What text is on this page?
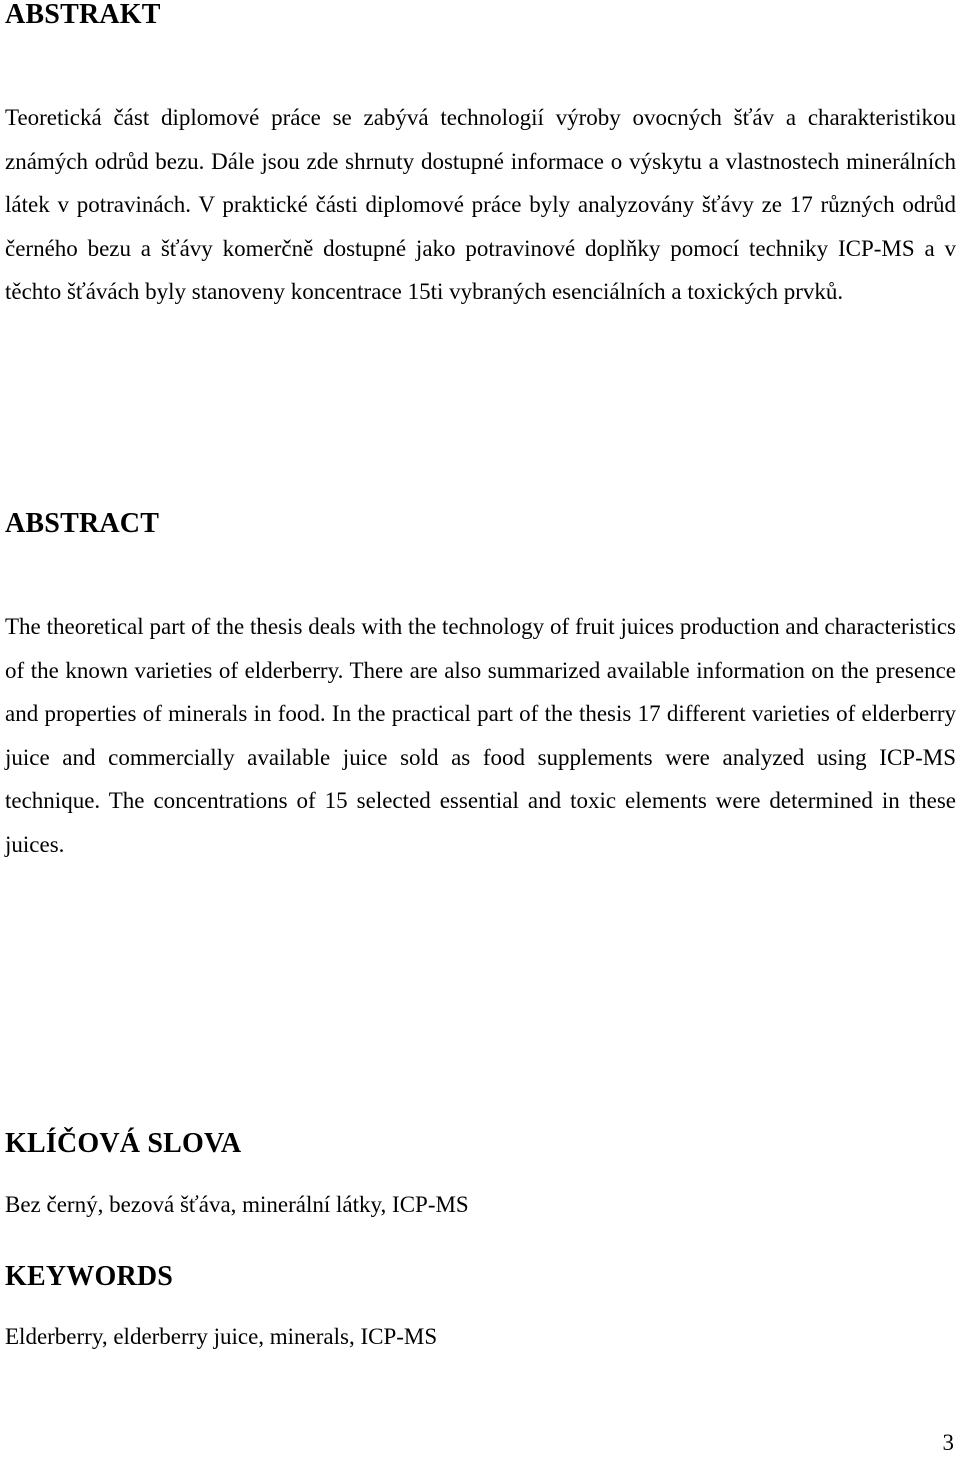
ABSTRAKT

Teoretická část diplomové práce se zabývá technologií výroby ovocných šťáv a charakteristikou známých odrůd bezu. Dále jsou zde shrnuty dostupné informace o výskytu a vlastnostech minerálních látek v potravinách. V praktické části diplomové práce byly analyzovány šťávy ze 17 různých odrůd černého bezu a šťávy komerčně dostupné jako potravinové doplňky pomocí techniky ICP-MS a v těchto šťávách byly stanoveny koncentrace 15ti vybraných esenciálních a toxických prvků.

ABSTRACT

The theoretical part of the thesis deals with the technology of fruit juices production and characteristics of the known varieties of elderberry. There are also summarized available information on the presence and properties of minerals in food. In the practical part of the thesis 17 different varieties of elderberry juice and commercially available juice sold as food supplements were analyzed using ICP-MS technique. The concentrations of 15 selected essential and toxic elements were determined in these juices.

KLÍČOVÁ SLOVA

Bez černý, bezová šťáva, minerální látky, ICP-MS

KEYWORDS

Elderberry, elderberry juice, minerals, ICP-MS

3
